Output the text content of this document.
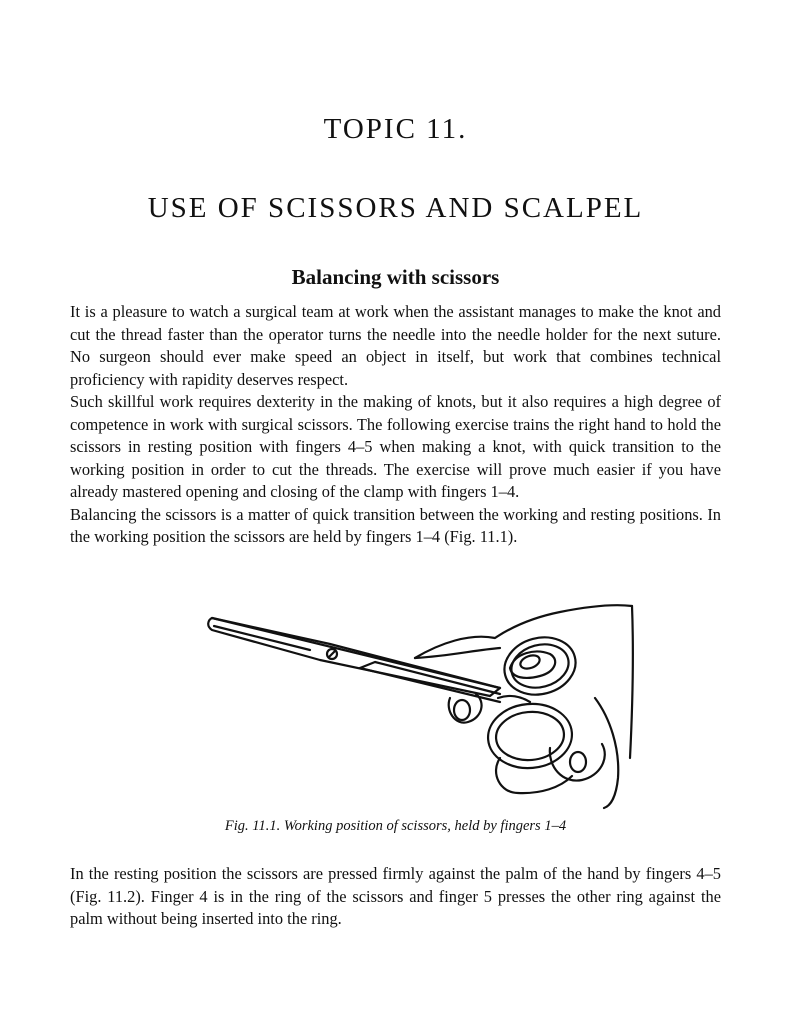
TOPIC 11.
USE OF SCISSORS AND SCALPEL
Balancing with scissors

It is a pleasure to watch a surgical team at work when the assistant manages to make the knot and cut the thread faster than the operator turns the needle into the needle holder for the next suture. No surgeon should ever make speed an object in itself, but work that combines technical proficiency with rapidity deserves respect.

Such skillful work requires dexterity in the making of knots, but it also requires a high degree of competence in work with surgical scissors. The following exercise trains the right hand to hold the scissors in resting position with fingers 4–5 when making a knot, with quick transition to the working position in order to cut the threads. The exercise will prove much easier if you have already mastered opening and closing of the clamp with fingers 1–4.

Balancing the scissors is a matter of quick transition between the working and resting positions. In the working position the scissors are held by fingers 1–4 (Fig. 11.1).

Fig. 11.1. Working position of scissors, held by fingers 1–4

In the resting position the scissors are pressed firmly against the palm of the hand by fingers 4–5 (Fig. 11.2). Finger 4 is in the ring of the scissors and finger 5 presses the other ring against the palm without being inserted into the ring.
